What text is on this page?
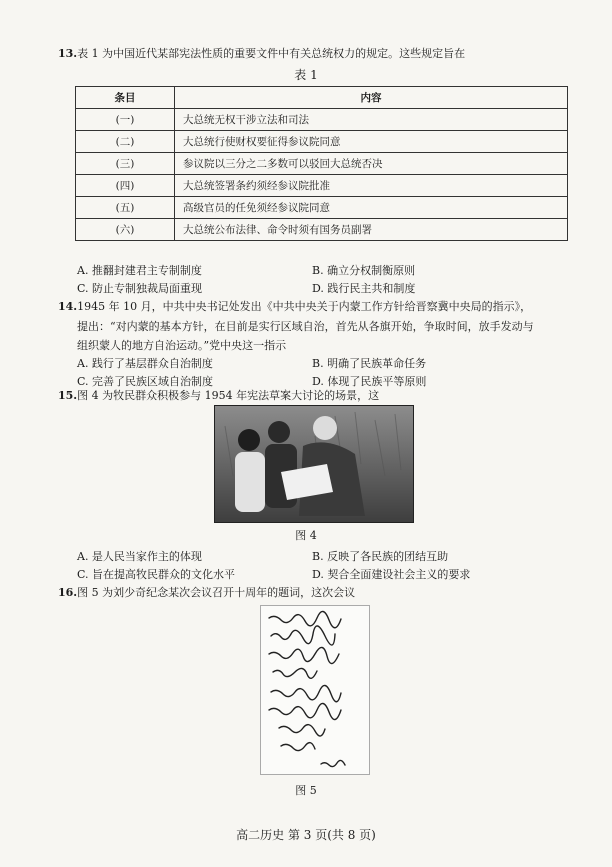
13.表 1 为中国近代某部宪法性质的重要文件中有关总统权力的规定。这些规定旨在
表 1
条目	内容
(一)	大总统无权干涉立法和司法
(二)	大总统行使财权要征得参议院同意
(三)	参议院以三分之二多数可以驳回大总统否决
(四)	大总统签署条约须经参议院批准
(五)	高级官员的任免须经参议院同意
(六)	大总统公布法律、命令时须有国务员副署
A. 推翻封建君主专制制度	B. 确立分权制衡原则
C. 防止专制独裁局面重现	D. 践行民主共和制度
14.1945 年 10 月，中共中央书记处发出《中共中央关于内蒙工作方针给晋察冀中央局的指示》，
提出：“对内蒙的基本方针，在目前是实行区域自治，首先从各旗开始，争取时间，放手发动与
组织蒙人的地方自治运动。”党中央这一指示
A. 践行了基层群众自治制度	B. 明确了民族革命任务
C. 完善了民族区域自治制度	D. 体现了民族平等原则
15.图 4 为牧民群众积极参与 1954 年宪法草案大讨论的场景，这
图 4
A. 是人民当家作主的体现	B. 反映了各民族的团结互助
C. 旨在提高牧民群众的文化水平	D. 契合全面建设社会主义的要求
16.图 5 为刘少奇纪念某次会议召开十周年的题词，这次会议
图 5
高二历史 第 3 页(共 8 页)
